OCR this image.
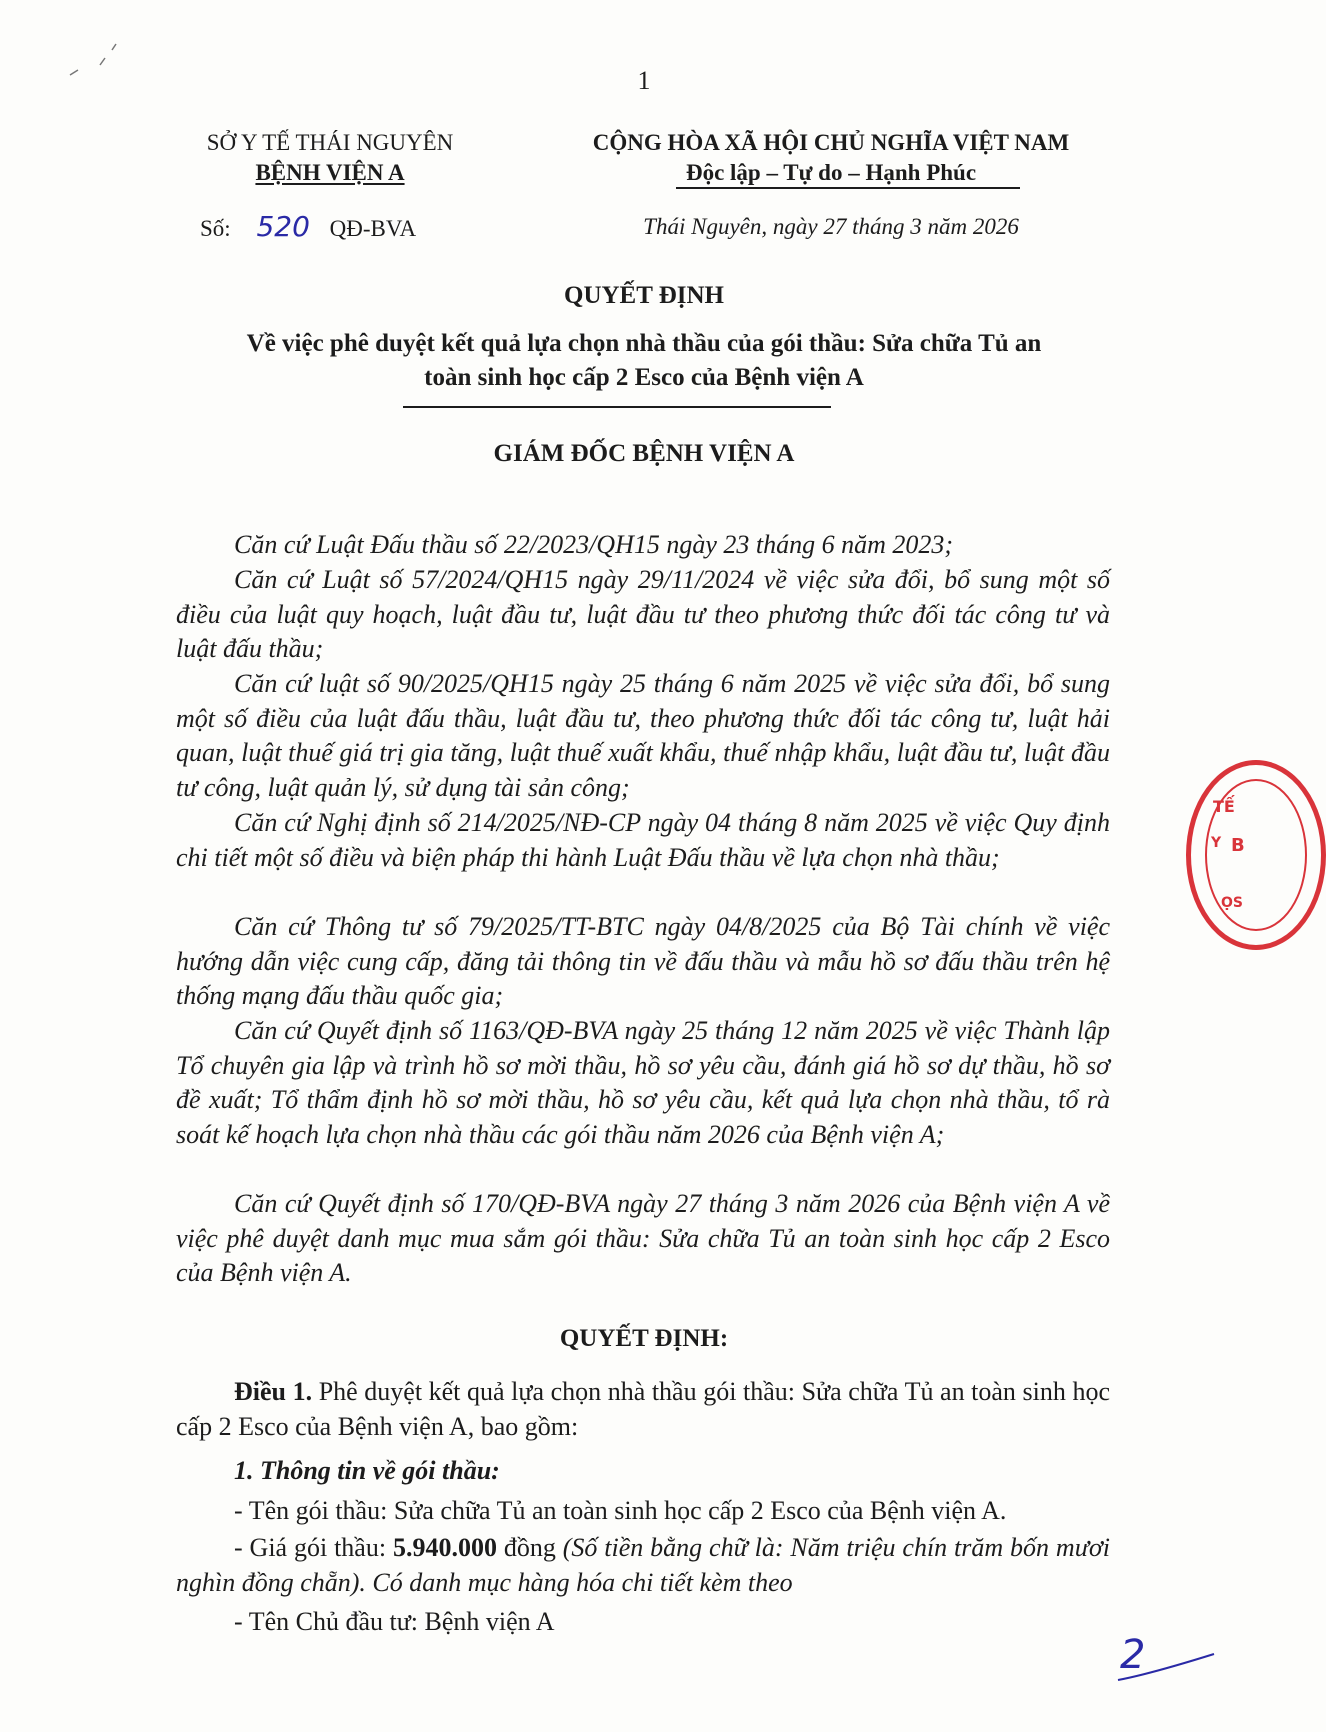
1
SỞ Y TẾ THÁI NGUYÊN
BỆNH VIỆN A
Số: 520 QĐ-BVA
CỘNG HÒA XÃ HỘI CHỦ NGHĨA VIỆT NAM
Độc lập – Tự do – Hạnh Phúc
Thái Nguyên, ngày 27 tháng 3 năm 2026
QUYẾT ĐỊNH
Về việc phê duyệt kết quả lựa chọn nhà thầu của gói thầu: Sửa chữa Tủ an
toàn sinh học cấp 2 Esco của Bệnh viện A
GIÁM ĐỐC BỆNH VIỆN A
Căn cứ Luật Đấu thầu số 22/2023/QH15 ngày 23 tháng 6 năm 2023;
Căn cứ Luật số 57/2024/QH15 ngày 29/11/2024 về việc sửa đổi, bổ sung một số điều của luật quy hoạch, luật đầu tư, luật đầu tư theo phương thức đối tác công tư và luật đấu thầu;
Căn cứ luật số 90/2025/QH15 ngày 25 tháng 6 năm 2025 về việc sửa đổi, bổ sung một số điều của luật đấu thầu, luật đầu tư, theo phương thức đối tác công tư, luật hải quan, luật thuế giá trị gia tăng, luật thuế xuất khẩu, thuế nhập khẩu, luật đầu tư, luật đầu tư công, luật quản lý, sử dụng tài sản công;
Căn cứ Nghị định số 214/2025/NĐ-CP ngày 04 tháng 8 năm 2025 về việc Quy định chi tiết một số điều và biện pháp thi hành Luật Đấu thầu về lựa chọn nhà thầu;
Căn cứ Thông tư số 79/2025/TT-BTC ngày 04/8/2025 của Bộ Tài chính về việc hướng dẫn việc cung cấp, đăng tải thông tin về đấu thầu và mẫu hồ sơ đấu thầu trên hệ thống mạng đấu thầu quốc gia;
Căn cứ Quyết định số 1163/QĐ-BVA ngày 25 tháng 12 năm 2025 về việc Thành lập Tổ chuyên gia lập và trình hồ sơ mời thầu, hồ sơ yêu cầu, đánh giá hồ sơ dự thầu, hồ sơ đề xuất; Tổ thẩm định hồ sơ mời thầu, hồ sơ yêu cầu, kết quả lựa chọn nhà thầu, tổ rà soát kế hoạch lựa chọn nhà thầu các gói thầu năm 2026 của Bệnh viện A;
Căn cứ Quyết định số 170/QĐ-BVA ngày 27 tháng 3 năm 2026 của Bệnh viện A về việc phê duyệt danh mục mua sắm gói thầu: Sửa chữa Tủ an toàn sinh học cấp 2 Esco của Bệnh viện A.
QUYẾT ĐỊNH:
Điều 1. Phê duyệt kết quả lựa chọn nhà thầu gói thầu: Sửa chữa Tủ an toàn sinh học cấp 2 Esco của Bệnh viện A, bao gồm:
1. Thông tin về gói thầu:
- Tên gói thầu: Sửa chữa Tủ an toàn sinh học cấp 2 Esco của Bệnh viện A.
- Giá gói thầu: 5.940.000 đồng (Số tiền bằng chữ là: Năm triệu chín trăm bốn mươi nghìn đồng chẵn). Có danh mục hàng hóa chi tiết kèm theo
- Tên Chủ đầu tư: Bệnh viện A
Y
TẾ
B
ỌS
2
